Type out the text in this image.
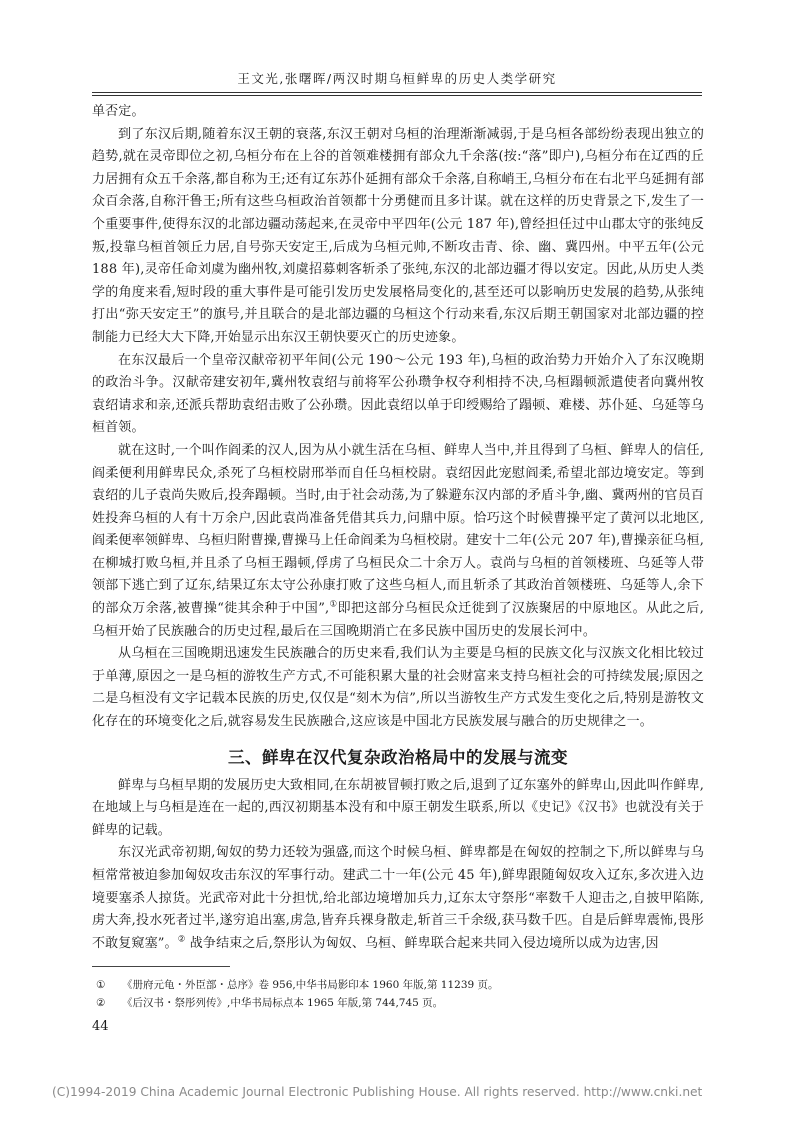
王文光,张曙晖/两汉时期乌桓鲜卑的历史人类学研究

单否定。

到了东汉后期,随着东汉王朝的衰落,东汉王朝对乌桓的治理渐渐减弱,于是乌桓各部纷纷表现出独立的趋势,就在灵帝即位之初,乌桓分布在上谷的首领难楼拥有部众九千余落(按:“落”即户),乌桓分布在辽西的丘力居拥有众五千余落,都自称为王;还有辽东苏仆延拥有部众千余落,自称峭王,乌桓分布在右北平乌延拥有部众百余落,自称汗鲁王;所有这些乌桓政治首领都十分勇健而且多计谋。就在这样的历史背景之下,发生了一个重要事件,使得东汉的北部边疆动荡起来,在灵帝中平四年(公元 187 年),曾经担任过中山郡太守的张纯反叛,投靠乌桓首领丘力居,自号弥天安定王,后成为乌桓元帅,不断攻击青、徐、幽、冀四州。中平五年(公元 188 年),灵帝任命刘虞为幽州牧,刘虞招募刺客斩杀了张纯,东汉的北部边疆才得以安定。因此,从历史人类学的角度来看,短时段的重大事件是可能引发历史发展格局变化的,甚至还可以影响历史发展的趋势,从张纯打出“弥天安定王”的旗号,并且联合的是北部边疆的乌桓这个行动来看,东汉后期王朝国家对北部边疆的控制能力已经大大下降,开始显示出东汉王朝快要灭亡的历史迹象。

在东汉最后一个皇帝汉献帝初平年间(公元 190～公元 193 年),乌桓的政治势力开始介入了东汉晚期的政治斗争。汉献帝建安初年,冀州牧袁绍与前将军公孙瓒争权夺利相持不决,乌桓蹋顿派遣使者向冀州牧袁绍请求和亲,还派兵帮助袁绍击败了公孙瓒。因此袁绍以单于印绶赐给了蹋顿、难楼、苏仆延、乌延等乌桓首领。

就在这时,一个叫作阎柔的汉人,因为从小就生活在乌桓、鲜卑人当中,并且得到了乌桓、鲜卑人的信任,阎柔便利用鲜卑民众,杀死了乌桓校尉邢举而自任乌桓校尉。袁绍因此宠慰阎柔,希望北部边境安定。等到袁绍的儿子袁尚失败后,投奔蹋顿。当时,由于社会动荡,为了躲避东汉内部的矛盾斗争,幽、冀两州的官员百姓投奔乌桓的人有十万余户,因此袁尚准备凭借其兵力,问鼎中原。恰巧这个时候曹操平定了黄河以北地区,阎柔便率领鲜卑、乌桓归附曹操,曹操马上任命阎柔为乌桓校尉。建安十二年(公元 207 年),曹操亲征乌桓,在柳城打败乌桓,并且杀了乌桓王蹋顿,俘虏了乌桓民众二十余万人。袁尚与乌桓的首领楼班、乌延等人带领部下逃亡到了辽东,结果辽东太守公孙康打败了这些乌桓人,而且斩杀了其政治首领楼班、乌延等人,余下的部众万余落,被曹操“徙其余种于中国”,①即把这部分乌桓民众迁徙到了汉族聚居的中原地区。从此之后,乌桓开始了民族融合的历史过程,最后在三国晚期消亡在多民族中国历史的发展长河中。

从乌桓在三国晚期迅速发生民族融合的历史来看,我们认为主要是乌桓的民族文化与汉族文化相比较过于单薄,原因之一是乌桓的游牧生产方式,不可能积累大量的社会财富来支持乌桓社会的可持续发展;原因之二是乌桓没有文字记载本民族的历史,仅仅是“刻木为信”,所以当游牧生产方式发生变化之后,特别是游牧文化存在的环境变化之后,就容易发生民族融合,这应该是中国北方民族发展与融合的历史规律之一。

三、鲜卑在汉代复杂政治格局中的发展与流变

鲜卑与乌桓早期的发展历史大致相同,在东胡被冒顿打败之后,退到了辽东塞外的鲜卑山,因此叫作鲜卑,在地域上与乌桓是连在一起的,西汉初期基本没有和中原王朝发生联系,所以《史记》《汉书》也就没有关于鲜卑的记载。

东汉光武帝初期,匈奴的势力还较为强盛,而这个时候乌桓、鲜卑都是在匈奴的控制之下,所以鲜卑与乌桓常常被迫参加匈奴攻击东汉的军事行动。建武二十一年(公元 45 年),鲜卑跟随匈奴攻入辽东,多次进入边境要塞杀人掠货。光武帝对此十分担忧,给北部边境增加兵力,辽东太守祭彤“率数千人迎击之,自披甲陷陈,虏大奔,投水死者过半,遂穷追出塞,虏急,皆弃兵裸身散走,斩首三千余级,获马数千匹。自是后鲜卑震怖,畏彤不敢复窥塞”。② 战争结束之后,祭彤认为匈奴、乌桓、鲜卑联合起来共同入侵边境所以成为边害,因

① 《册府元龟・外臣部・总序》卷 956,中华书局影印本 1960 年版,第 11239 页。
② 《后汉书・祭彤列传》,中华书局标点本 1965 年版,第 744,745 页。
44
(C)1994-2019 China Academic Journal Electronic Publishing House. All rights reserved. http://www.cnki.net
